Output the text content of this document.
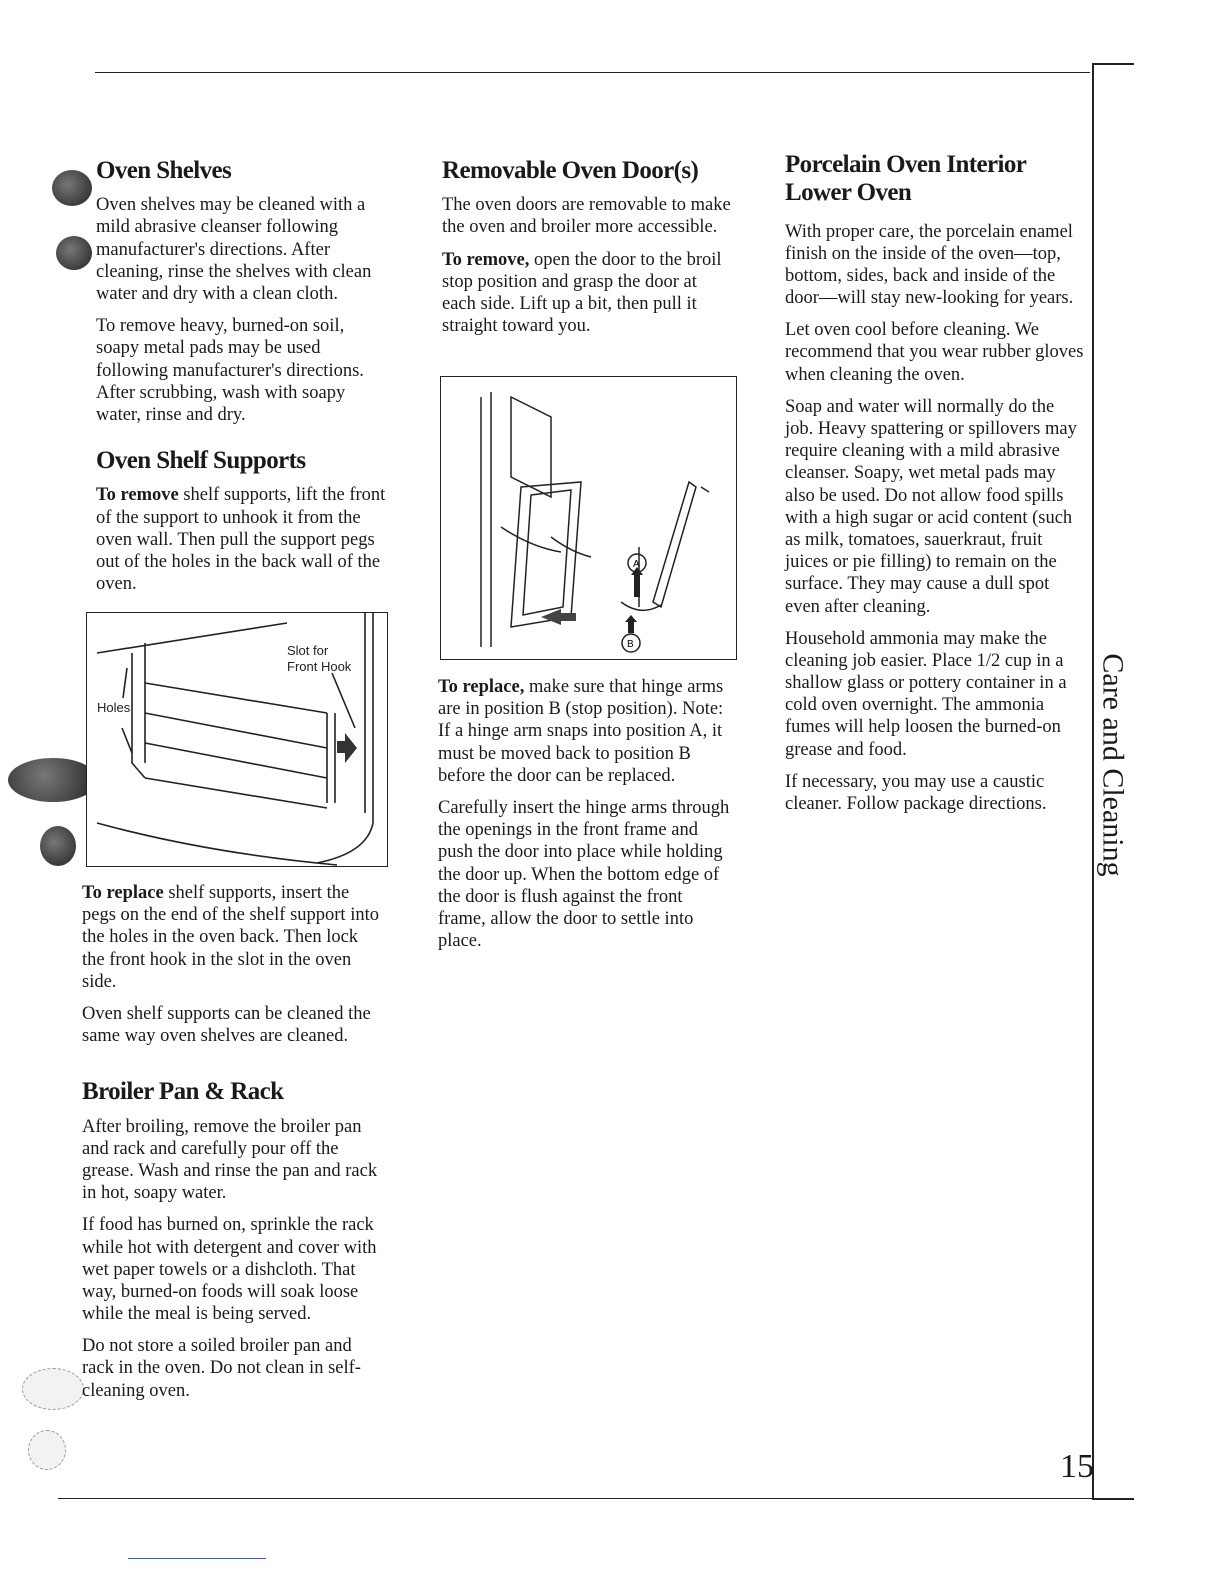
Care and Cleaning
15
Oven Shelves

Oven shelves may be cleaned with a mild abrasive cleanser following manufacturer's directions. After cleaning, rinse the shelves with clean water and dry with a clean cloth.

To remove heavy, burned-on soil, soapy metal pads may be used following manufacturer's directions. After scrubbing, wash with soapy water, rinse and dry.

Oven Shelf Supports

To remove shelf supports, lift the front of the support to unhook it from the oven wall. Then pull the support pegs out of the holes in the back wall of the oven.

Slot for
Front Hook
Holes

To replace shelf supports, insert the pegs on the end of the shelf support into the holes in the oven back. Then lock the front hook in the slot in the oven side.

Oven shelf supports can be cleaned the same way oven shelves are cleaned.

Broiler Pan & Rack

After broiling, remove the broiler pan and rack and carefully pour off the grease. Wash and rinse the pan and rack in hot, soapy water.

If food has burned on, sprinkle the rack while hot with detergent and cover with wet paper towels or a dishcloth. That way, burned-on foods will soak loose while the meal is being served.

Do not store a soiled broiler pan and rack in the oven. Do not clean in self-cleaning oven.

Removable Oven Door(s)

The oven doors are removable to make the oven and broiler more accessible.

To remove, open the door to the broil stop position and grasp the door at each side. Lift up a bit, then pull it straight toward you.

A
B

To replace, make sure that hinge arms are in position B (stop position). Note: If a hinge arm snaps into position A, it must be moved back to position B before the door can be replaced.

Carefully insert the hinge arms through the openings in the front frame and push the door into place while holding the door up. When the bottom edge of the door is flush against the front frame, allow the door to settle into place.

Porcelain Oven Interior
Lower Oven

With proper care, the porcelain enamel finish on the inside of the oven—top, bottom, sides, back and inside of the door—will stay new-looking for years.

Let oven cool before cleaning. We recommend that you wear rubber gloves when cleaning the oven.

Soap and water will normally do the job. Heavy spattering or spillovers may require cleaning with a mild abrasive cleanser. Soapy, wet metal pads may also be used. Do not allow food spills with a high sugar or acid content (such as milk, tomatoes, sauerkraut, fruit juices or pie filling) to remain on the surface. They may cause a dull spot even after cleaning.

Household ammonia may make the cleaning job easier. Place 1/2 cup in a shallow glass or pottery container in a cold oven overnight. The ammonia fumes will help loosen the burned-on grease and food.

If necessary, you may use a caustic cleaner. Follow package directions.
